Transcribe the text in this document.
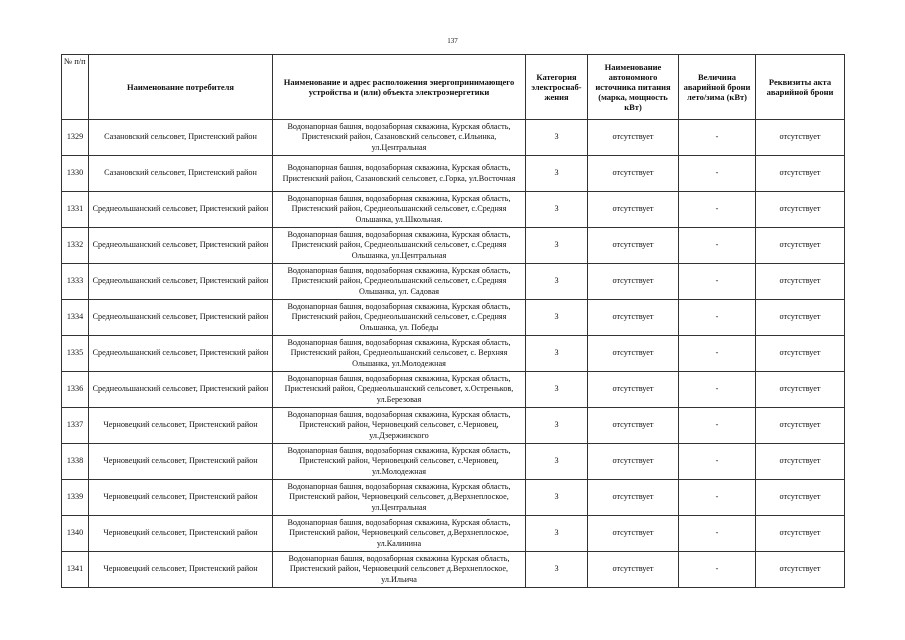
137
№ п/п	Наименование потребителя	Наименование и адрес расположения энергопринимающего устройства и (или) объекта электроэнергетики	Категория электроснаб-жения	Наименование автономного источника питания (марка, мощность кВт)	Величина аварийной брони лето/зима (кВт)	Реквизиты акта аварийной брони
1329	Сазановский сельсовет, Пристенский район	Водонапорная башня, водозаборная скважина, Курская область, Пристенский район, Сазановский сельсовет, с.Ильинка, ул.Центральная	3	отсутствует	-	отсутствует
1330	Сазановский сельсовет, Пристенский район	Водонапорная башня, водозаборная скважина, Курская область, Пристенский район, Сазановский сельсовет, с.Горка, ул.Восточная	3	отсутствует	-	отсутствует
1331	Среднеольшанский сельсовет, Пристенский район	Водонапорная башня, водозаборная скважина, Курская область, Пристенский район, Среднеольшанский сельсовет, с.Средняя Ольшанка, ул.Школьная.	3	отсутствует	-	отсутствует
1332	Среднеольшанский сельсовет, Пристенский район	Водонапорная башня, водозаборная скважина, Курская область, Пристенский район, Среднеольшанский сельсовет, с.Средняя Ольшанка, ул.Центральная	3	отсутствует	-	отсутствует
1333	Среднеольшанский сельсовет, Пристенский район	Водонапорная башня, водозаборная скважина, Курская область, Пристенский район, Среднеольшанский сельсовет, с.Средняя Ольшанка, ул. Садовая	3	отсутствует	-	отсутствует
1334	Среднеольшанский сельсовет, Пристенский район	Водонапорная башня, водозаборная скважина, Курская область, Пристенский район, Среднеольшанский сельсовет, с.Средняя Ольшанка, ул. Победы	3	отсутствует	-	отсутствует
1335	Среднеольшанский сельсовет, Пристенский район	Водонапорная башня, водозаборная скважина, Курская область, Пристенский район, Среднеольшанский сельсовет, с. Верхняя Ольшанка, ул.Молодежная	3	отсутствует	-	отсутствует
1336	Среднеольшанский сельсовет, Пристенский район	Водонапорная башня, водозаборная скважина, Курская область, Пристенский район, Среднеольшанский сельсовет, х.Остреньков, ул.Березовая	3	отсутствует	-	отсутствует
1337	Черновецкий сельсовет, Пристенский район	Водонапорная башня, водозаборная скважина, Курская область, Пристенский район, Черновецкий сельсовет, с.Черновец, ул.Дзержинского	3	отсутствует	-	отсутствует
1338	Черновецкий сельсовет, Пристенский район	Водонапорная башня, водозаборная скважина, Курская область, Пристенский район, Черновецкий сельсовет, с.Черновец, ул.Молодежная	3	отсутствует	-	отсутствует
1339	Черновецкий сельсовет, Пристенский район	Водонапорная башня, водозаборная скважина, Курская область, Пристенский район, Черновецкий сельсовет, д.Верхнеплоское, ул.Центральная	3	отсутствует	-	отсутствует
1340	Черновецкий сельсовет, Пристенский район	Водонапорная башня, водозаборная скважина, Курская область, Пристенский район, Черновецкий сельсовет, д.Верхнеплоское, ул.Калинина	3	отсутствует	-	отсутствует
1341	Черновецкий сельсовет, Пристенский район	Водонапорная башня, водозаборная скважина Курская область, Пристенский район, Черновецкий сельсовет д.Верхнеплоское, ул.Ильича	3	отсутствует	-	отсутствует
